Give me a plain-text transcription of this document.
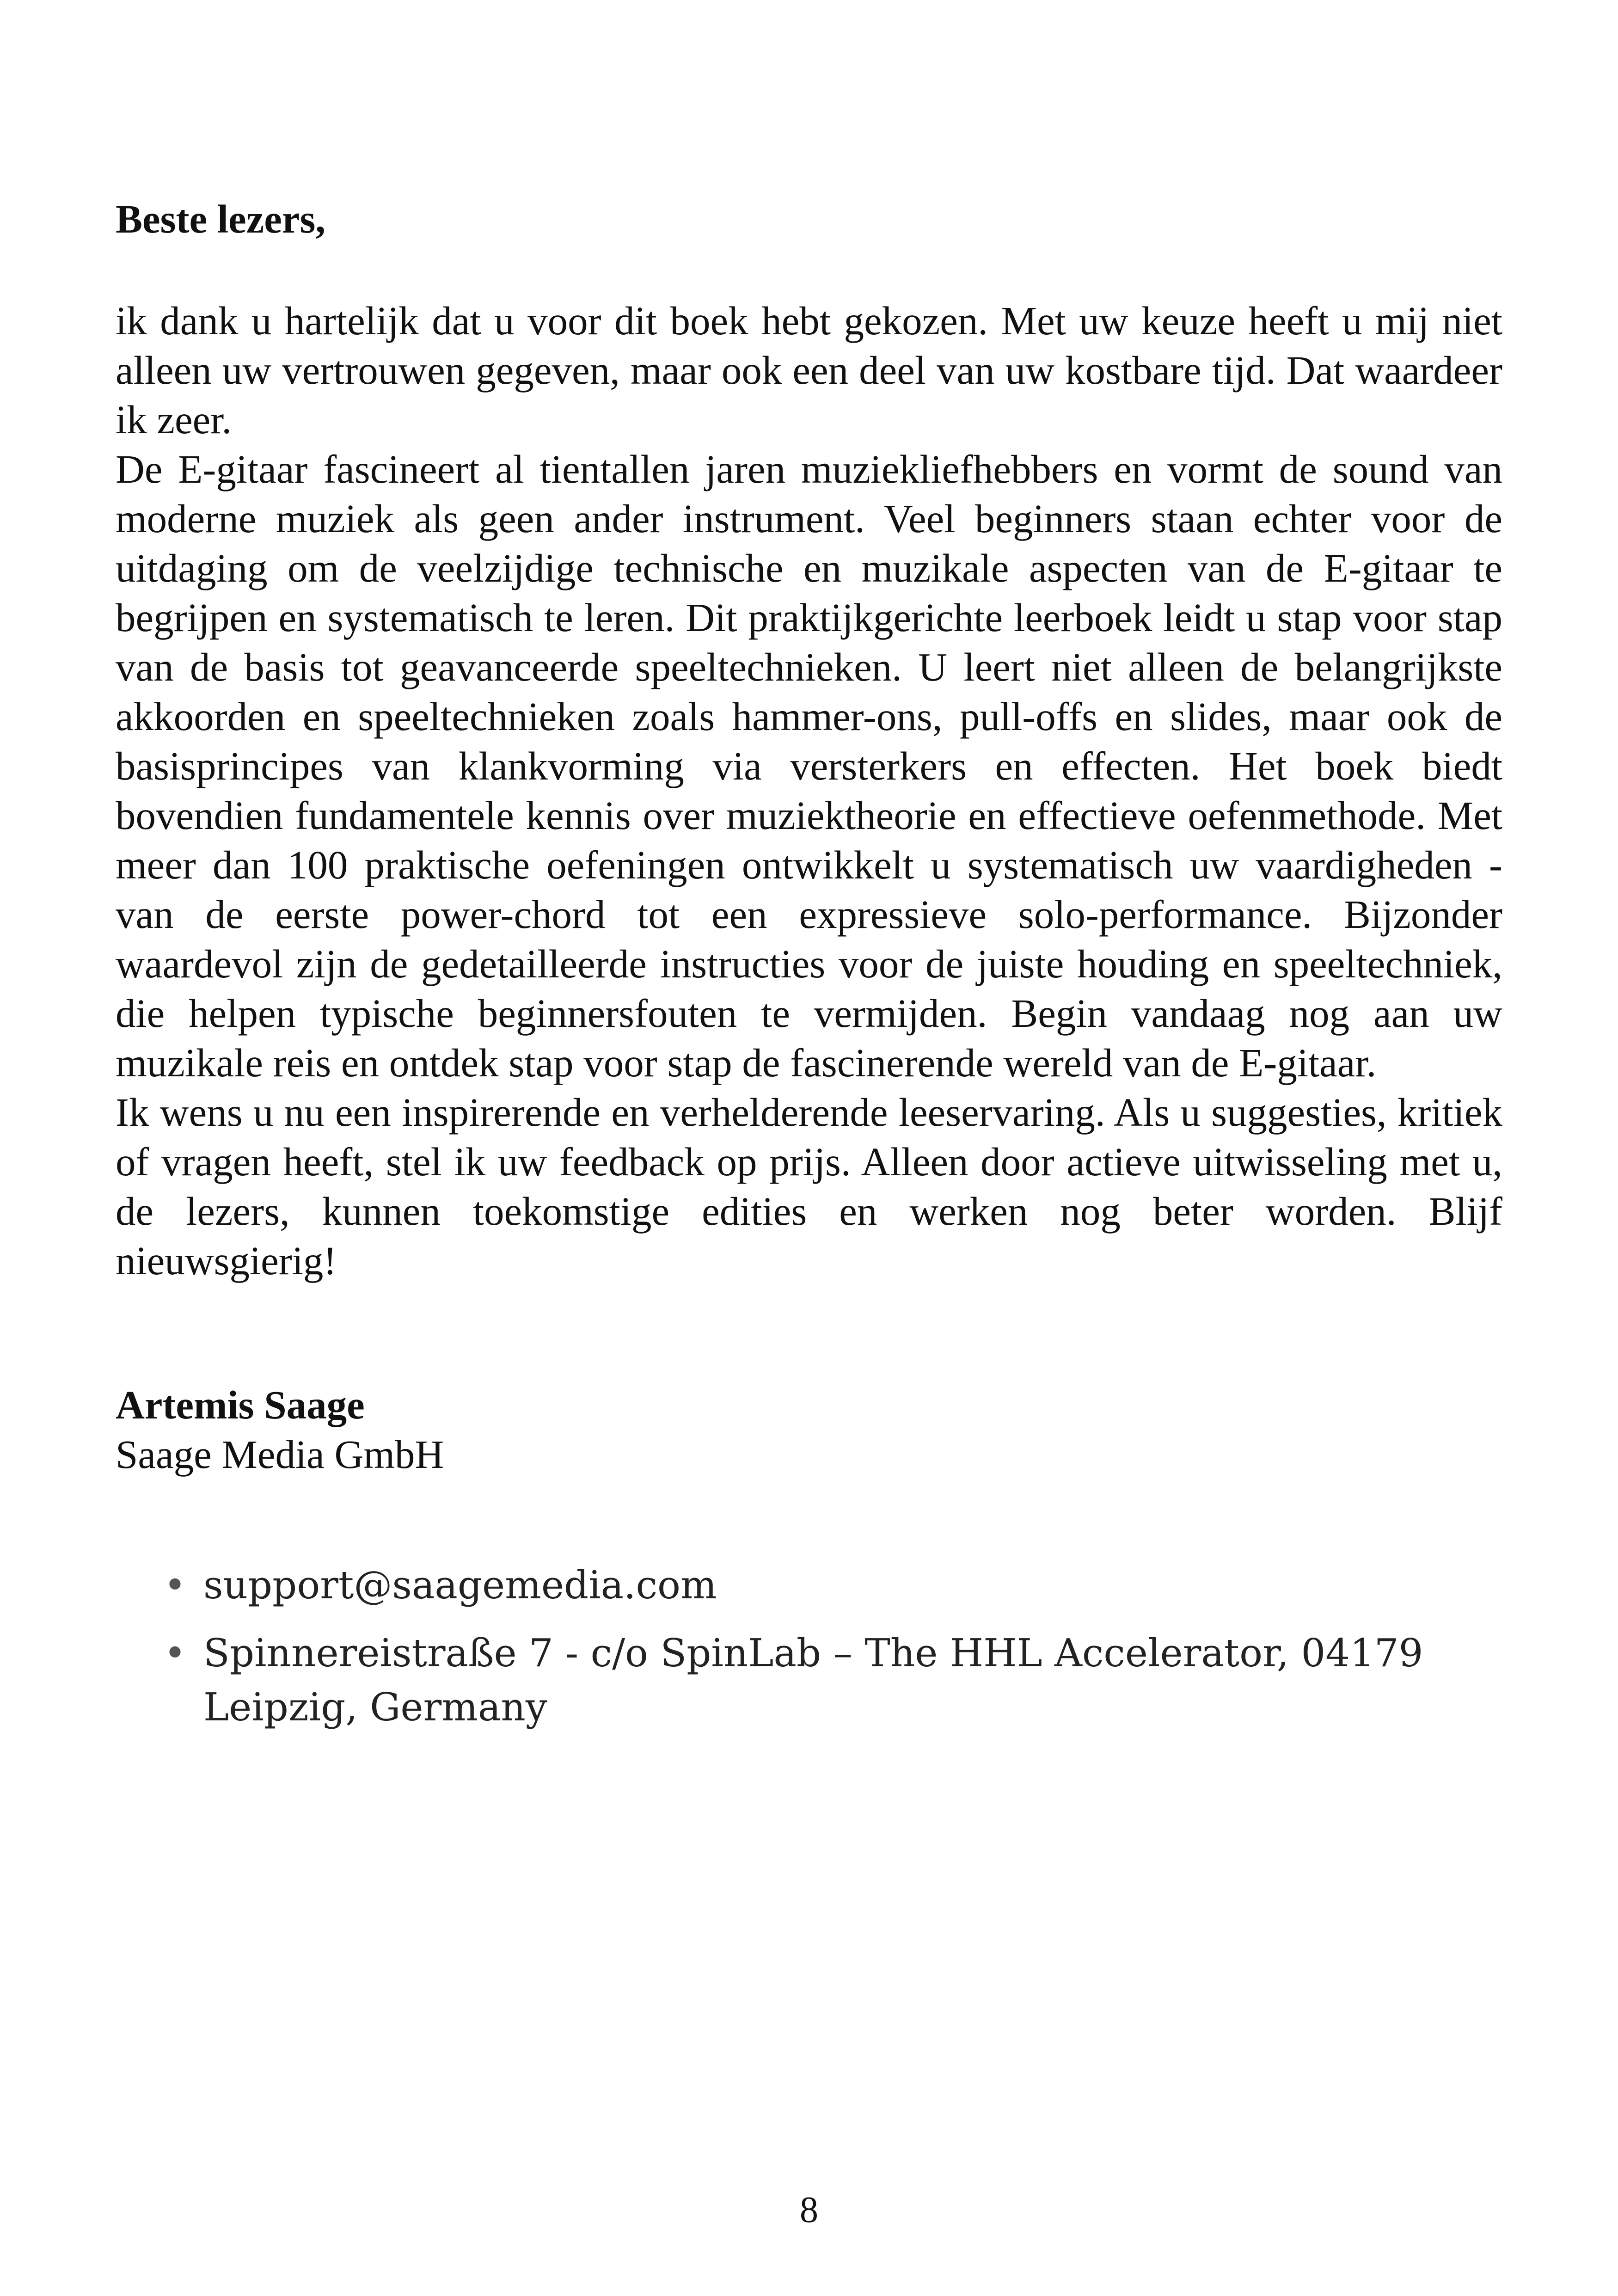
Beste lezers,

ik dank u hartelijk dat u voor dit boek hebt gekozen. Met uw keuze heeft u mij niet alleen uw vertrouwen gegeven, maar ook een deel van uw kostbare tijd. Dat waardeer ik zeer.

De E-gitaar fascineert al tientallen jaren muziekliefhebbers en vormt de sound van moderne muziek als geen ander instrument. Veel beginners staan echter voor de uitdaging om de veelzijdige technische en muzikale aspecten van de E-gitaar te begrijpen en systematisch te leren. Dit praktijkgerichte leerboek leidt u stap voor stap van de basis tot geavanceerde speeltechnieken. U leert niet alleen de belangrijkste akkoorden en speeltechnieken zoals hammer-ons, pull-offs en slides, maar ook de basisprincipes van klankvorming via versterkers en effecten. Het boek biedt bovendien fundamentele kennis over muziektheorie en effectieve oefenmethode. Met meer dan 100 praktische oefeningen ontwikkelt u systematisch uw vaardigheden - van de eerste power-chord tot een expressieve solo-performance. Bijzonder waardevol zijn de gedetailleerde instructies voor de juiste houding en speeltechniek, die helpen typische beginnersfouten te vermijden. Begin vandaag nog aan uw muzikale reis en ontdek stap voor stap de fascinerende wereld van de E-gitaar.

Ik wens u nu een inspirerende en verhelderende leeservaring. Als u suggesties, kritiek of vragen heeft, stel ik uw feedback op prijs. Alleen door actieve uitwisseling met u, de lezers, kunnen toekomstige edities en werken nog beter worden. Blijf nieuwsgierig!

Artemis Saage
Saage Media GmbH
• support@saagemedia.com
• Spinnereistraße 7 - c/o SpinLab – The HHL Accelerator, 04179 Leipzig, Germany
8
